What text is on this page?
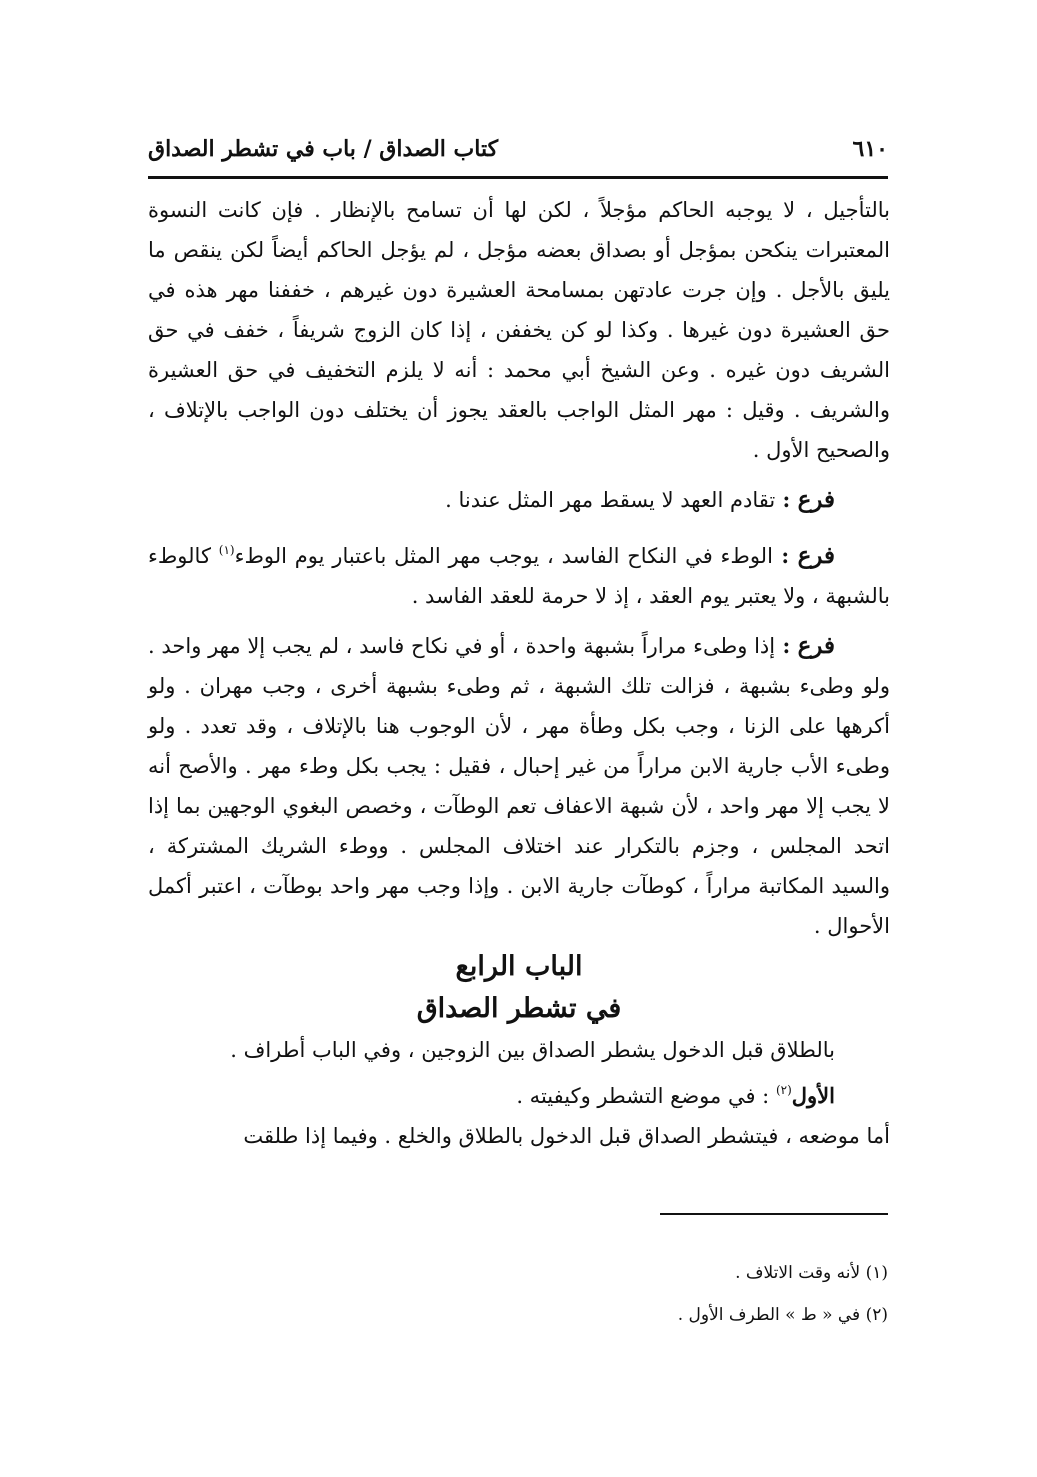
٦١٠
كتاب الصداق / باب في تشطر الصداق

بالتأجيل ، لا يوجبه الحاكم مؤجلاً ، لكن لها أن تسامح بالإنظار . فإن كانت النسوة المعتبرات ينكحن بمؤجل أو بصداق بعضه مؤجل ، لم يؤجل الحاكم أيضاً لكن ينقص ما يليق بالأجل . وإن جرت عادتهن بمسامحة العشيرة دون غيرهم ، خففنا مهر هذه في حق العشيرة دون غيرها . وكذا لو كن يخففن ، إذا كان الزوج شريفاً ، خفف في حق الشريف دون غيره . وعن الشيخ أبي محمد : أنه لا يلزم التخفيف في حق العشيرة والشريف . وقيل : مهر المثل الواجب بالعقد يجوز أن يختلف دون الواجب بالإتلاف ، والصحيح الأول .

فرع : تقادم العهد لا يسقط مهر المثل عندنا .

فرع : الوطء في النكاح الفاسد ، يوجب مهر المثل باعتبار يوم الوطء$^{(١)}$ كالوطء بالشبهة ، ولا يعتبر يوم العقد ، إذ لا حرمة للعقد الفاسد .

فرع : إذا وطىء مراراً بشبهة واحدة ، أو في نكاح فاسد ، لم يجب إلا مهر واحد . ولو وطىء بشبهة ، فزالت تلك الشبهة ، ثم وطىء بشبهة أخرى ، وجب مهران . ولو أكرهها على الزنا ، وجب بكل وطأة مهر ، لأن الوجوب هنا بالإتلاف ، وقد تعدد . ولو وطىء الأب جارية الابن مراراً من غير إحبال ، فقيل : يجب بكل وطء مهر . والأصح أنه لا يجب إلا مهر واحد ، لأن شبهة الاعفاف تعم الوطآت ، وخصص البغوي الوجهين بما إذا اتحد المجلس ، وجزم بالتكرار عند اختلاف المجلس . ووطء الشريك المشتركة ، والسيد المكاتبة مراراً ، كوطآت جارية الابن . وإذا وجب مهر واحد بوطآت ، اعتبر أكمل الأحوال .

الباب الرابع

في تشطر الصداق

بالطلاق قبل الدخول يشطر الصداق بين الزوجين ، وفي الباب أطراف .

الأول$^{(٢)}$ : في موضع التشطر وكيفيته .

أما موضعه ، فيتشطر الصداق قبل الدخول بالطلاق والخلع . وفيما إذا طلقت

(١) لأنه وقت الاتلاف .

(٢) في « ط » الطرف الأول .
